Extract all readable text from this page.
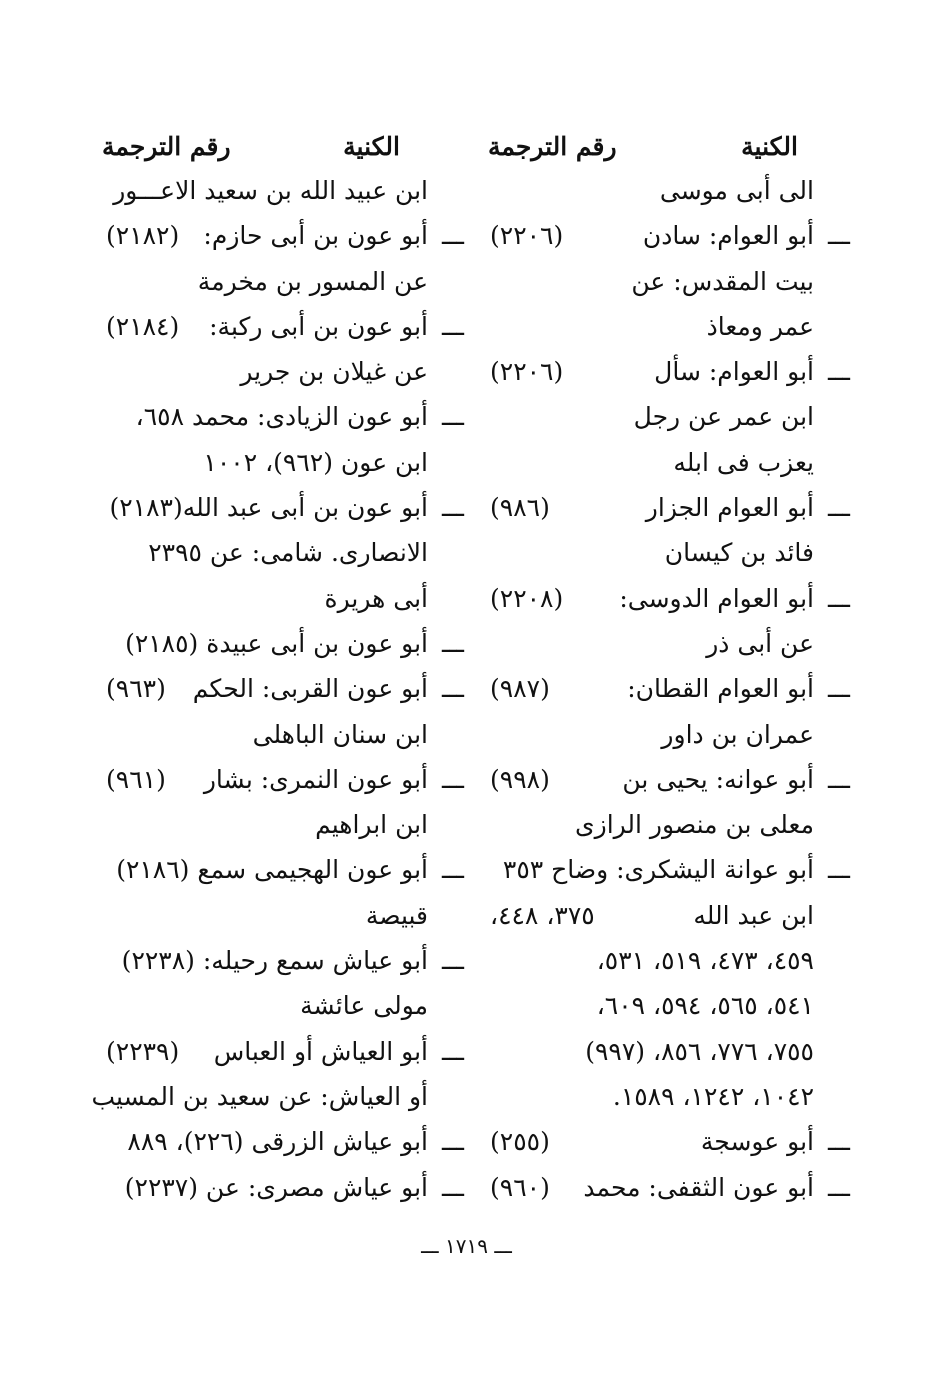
الكنية
رقم الترجمة
الى أبى موسى
ـــ
أبو العوام: سادن
(٢٢٠٦)
بيت المقدس: عن
عمر ومعاذ
ـــ
أبو العوام: سأل
(٢٢٠٦)
ابن عمر عن رجل
يعزب فى ابله
ـــ
أبو العوام الجزار
(٩٨٦)
فائد بن كيسان
ـــ
أبو العوام الدوسى:
(٢٢٠٨)
عن أبى ذر
ـــ
أبو العوام القطان:
(٩٨٧)
عمران بن داور
ـــ
أبو عوانه: يحيى بن
(٩٩٨)
معلى بن منصور الرازى
ـــ
أبو عوانة اليشكرى: وضاح ٣٥٣
ابن عبد الله
٣٧٥، ٤٤٨،
٤٥٩، ٤٧٣، ٥١٩، ٥٣١،
٥٤١، ٥٦٥، ٥٩٤، ٦٠٩،
٧٥٥، ٧٧٦، ٨٥٦، (٩٩٧)
١٠٤٢، ١٢٤٢، ١٥٨٩.
ـــ
أبو عوسجة
(٢٥٥)
ـــ
أبو عون الثقفى: محمد
(٩٦٠)
الكنية
رقم الترجمة
ابن عبيد الله بن سعيد الاعـــور
ـــ
أبو عون بن أبى حازم:
(٢١٨٢)
عن المسور بن مخرمة
ـــ
أبو عون بن أبى ركبة:
(٢١٨٤)
عن غيلان بن جرير
ـــ
أبو عون الزيادى: محمد ٦٥٨،
ابن عون (٩٦٢)، ١٠٠٢
ـــ
أبو عون بن أبى عبد الله(٢١٨٣)
الانصارى. شامى: عن ٢٣٩٥
أبى هريرة
ـــ
أبو عون بن أبى عبيدة (٢١٨٥)
ـــ
أبو عون القربى: الحكم
(٩٦٣)
ابن سنان الباهلى
ـــ
أبو عون النمرى: بشار
(٩٦١)
ابن ابراهيم
ـــ
أبو عون الهجيمى سمع (٢١٨٦)
قبيصة
ـــ
أبو عياش سمع رحيله: (٢٢٣٨)
مولى عائشة
ـــ
أبو العياش أو العباس
(٢٢٣٩)
أو العياش: عن سعيد بن المسيب
ـــ
أبو عياش الزرقى (٢٢٦)، ٨٨٩
ـــ
أبو عياش مصرى: عن (٢٢٣٧)
ـــ ١٧١٩ ـــ
